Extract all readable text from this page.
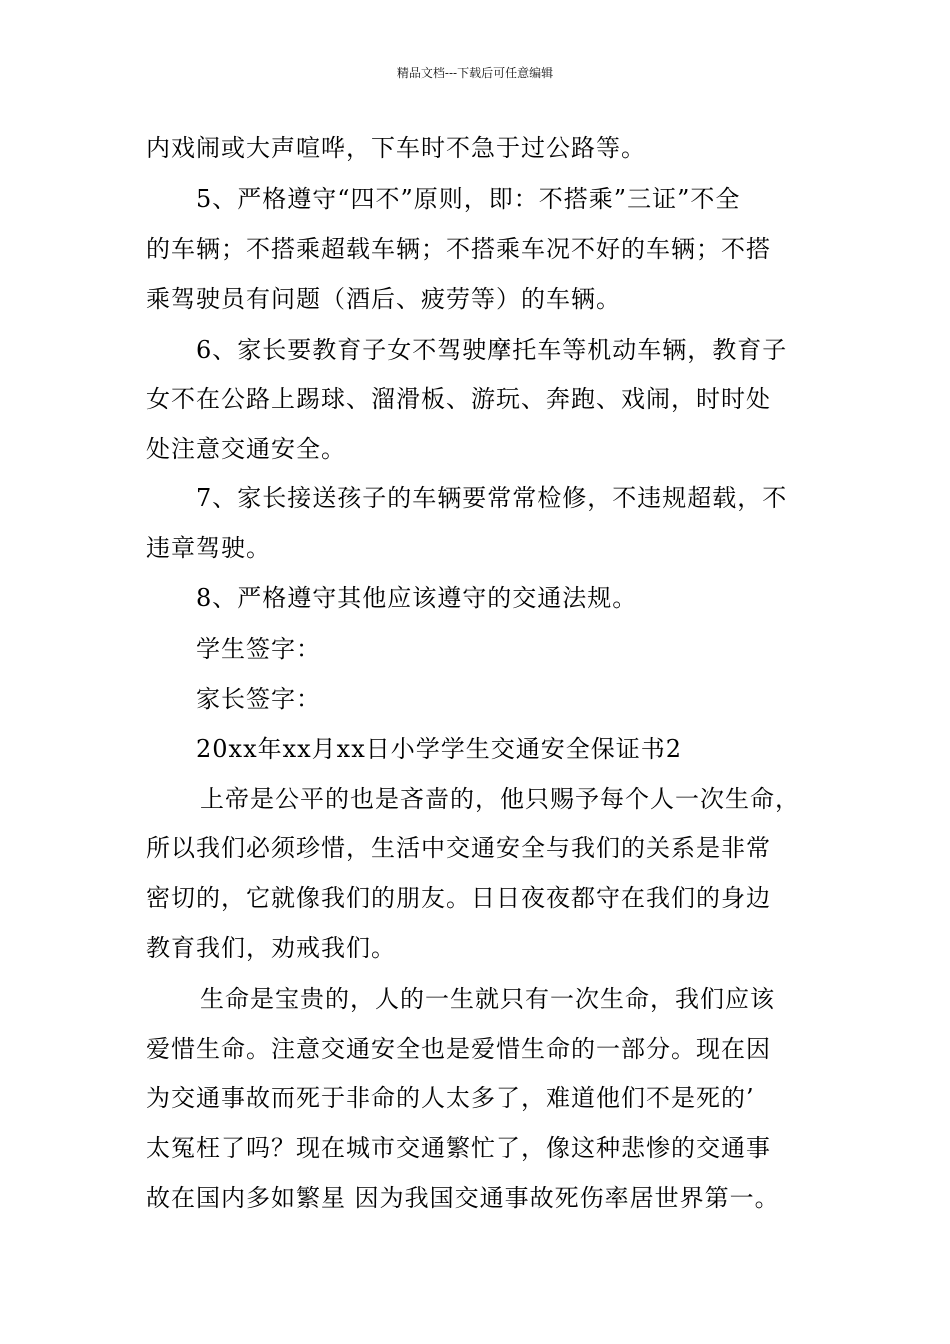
精品文档---下载后可任意编辑
内戏闹或大声喧哗，下车时不急于过公路等。
5、严格遵守“四不”原则，即：不搭乘”三证”不全
的车辆；不搭乘超载车辆；不搭乘车况不好的车辆；不搭
乘驾驶员有问题（酒后、疲劳等）的车辆。
6、家长要教育子女不驾驶摩托车等机动车辆，教育子
女不在公路上踢球、溜滑板、游玩、奔跑、戏闹，时时处
处注意交通安全。
7、家长接送孩子的车辆要常常检修，不违规超载，不
违章驾驶。
8、严格遵守其他应该遵守的交通法规。
学生签字：
家长签字：
20xx年xx月xx日小学学生交通安全保证书2
上帝是公平的也是吝啬的，他只赐予每个人一次生命，
所以我们必须珍惜，生活中交通安全与我们的关系是非常
密切的，它就像我们的朋友。日日夜夜都守在我们的身边
教育我们，劝戒我们。
生命是宝贵的，人的一生就只有一次生命，我们应该
爱惜生命。注意交通安全也是爱惜生命的一部分。现在因
为交通事故而死于非命的人太多了，难道他们不是死的’
太冤枉了吗？现在城市交通繁忙了，像这种悲惨的交通事
故在国内多如繁星 因为我国交通事故死伤率居世界第一。
